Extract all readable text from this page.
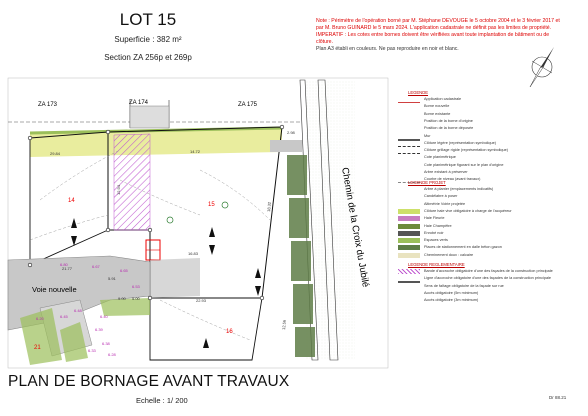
LOT 15
Superficie : 382 m²
Section ZA 256p et 269p
Note : Périmètre de l'opération borné par M. Stéphane DEVOUGE le 5 octobre 2004 et le 3 février 2017 et
par M. Bruno GUINARD le 5 mars 2024. L'application cadastrale ne définit pas les limites de propriété.
IMPERATIF : Les cotes entre bornes doivent être vérifiées avant toute implantation de bâtiment ou de clôture.
Plan A3 établi en couleurs. Ne pas reproduire en noir et blanc.
ZA 173	ZA 174	ZA 175
14
15
16
21
Voie nouvelle
Chemin de la Croix du Jubilé
29.84	14.72
18.32
16.83
22.93
12.94
21.77
5.91
9.00 5.00
2.98
12.56
6.80	6.67
6.65
6.53
6.48
6.45	6.40
6.39
6.38
6.20
6.33
6.28
LEGENDE
Application cadastrale
Borne nouvelle
Borne existante
Position de la borne d'origine
Position de la borne déposée
Mur
Clôture légère (représentation symbolique)
Clôture grillage rigide (représentation symbolique)
Cote planimétrique
Cote planimétrique figurant sur le plan d'origine
Arbre existant à préserver
Courbe de niveau (avant travaux)
LEGENDE PROJET
Arbre à planter (emplacements indicatifs)
Candélabre à poser
Altimétrie Voirie projetée
Clôture haie vive obligatoire à charge de l'acquéreur
Haie Fleurie
Haie Champêtre
Enrobé noir
Espaces verts
Places de stationnement en dalle béton gazon
Cheminement doux : calcaire
LEGENDE REGLEMENTAIRE
Bande d'accroche obligatoire d'une des façades de la construction principale
Ligne d'accroche obligatoire d'une des façades de la construction principale
Sens de faîtage obligatoire de la façade sur rue
Accès obligatoire (5m minimum)
Accès obligatoire (3m minimum)
PLAN DE BORNAGE AVANT TRAVAUX
Echelle : 1/ 200	Dr 88.21
